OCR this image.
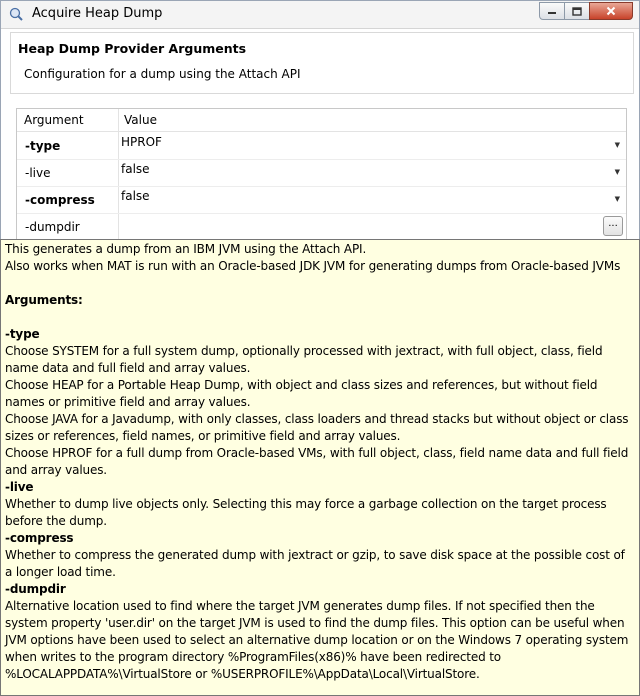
Acquire Heap Dump
Heap Dump Provider Arguments
Configuration for a dump using the Attach API
Argument	Value
-type	HPROF	▼
-live	false	▼
-compress false	▼
-dumpdir	...

This generates a dump from an IBM JVM using the Attach API.

Also works when MAT is run with an Oracle-based JDK JVM for generating dumps from Oracle-based JVMs

Arguments:

-type

Choose SYSTEM for a full system dump, optionally processed with jextract, with full object, class, field name data and full field and array values.

Choose HEAP for a Portable Heap Dump, with object and class sizes and references, but without field names or primitive field and array values.

Choose JAVA for a Javadump, with only classes, class loaders and thread stacks but without object or class sizes or references, field names, or primitive field and array values.

Choose HPROF for a full dump from Oracle-based VMs, with full object, class, field name data and full field and array values.

-live

Whether to dump live objects only. Selecting this may force a garbage collection on the target process before the dump.

-compress

Whether to compress the generated dump with jextract or gzip, to save disk space at the possible cost of a longer load time.

-dumpdir

Alternative location used to find where the target JVM generates dump files. If not specified then the system property 'user.dir' on the target JVM is used to find the dump files. This option can be useful when JVM options have been used to select an alternative dump location or on the Windows 7 operating system when writes to the program directory %ProgramFiles(x86)% have been redirected to %LOCALAPPDATA%\VirtualStore or %USERPROFILE%\AppData\Local\VirtualStore.
